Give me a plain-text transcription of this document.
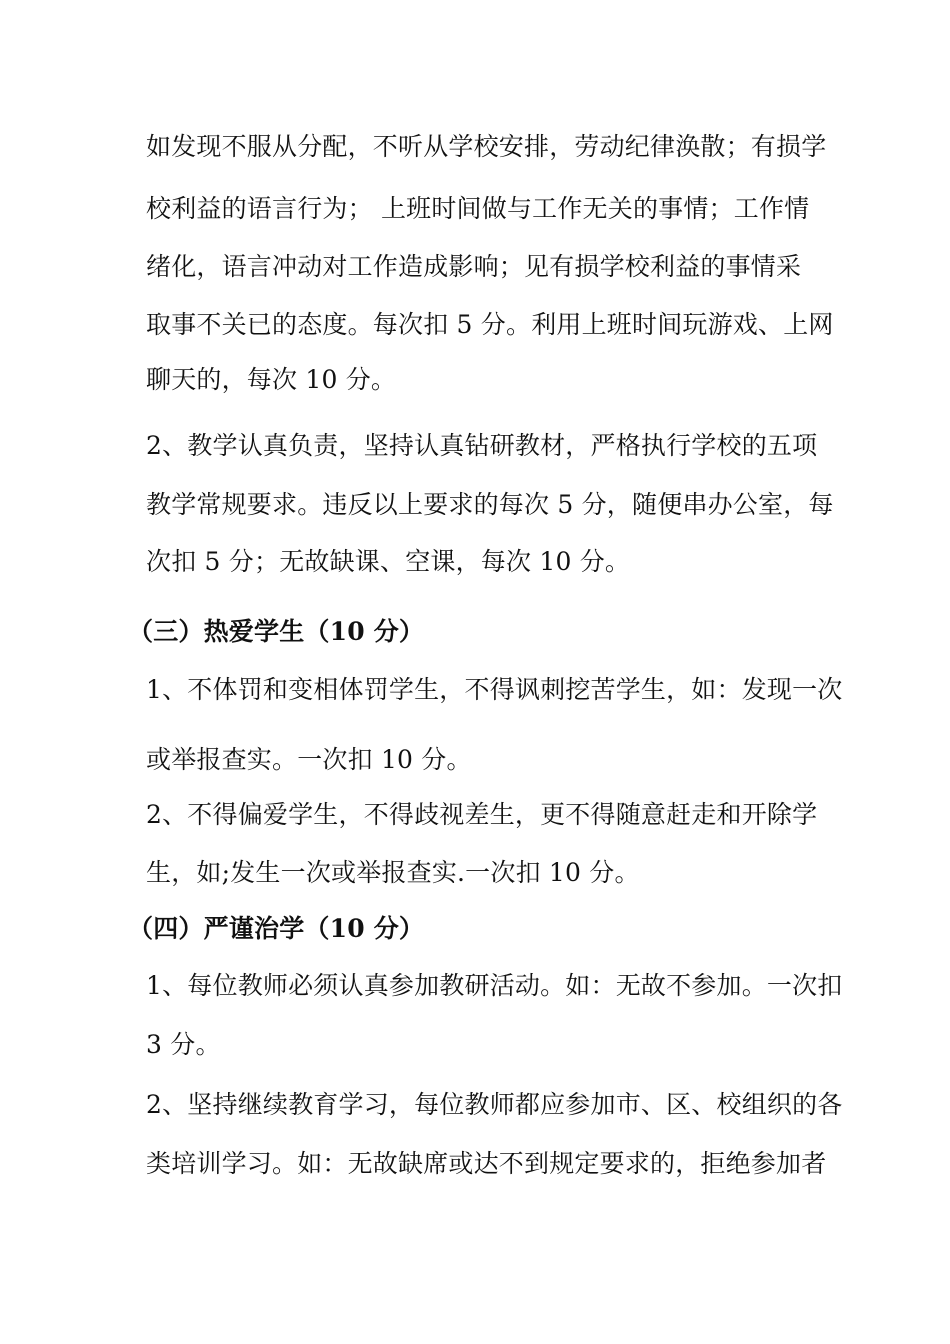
如发现不服从分配，不听从学校安排，劳动纪律涣散；有损学
校利益的语言行为； 上班时间做与工作无关的事情；工作情
绪化，语言冲动对工作造成影响；见有损学校利益的事情采
取事不关已的态度。每次扣 5 分。利用上班时间玩游戏、上网
聊天的，每次 10 分。
2、教学认真负责，坚持认真钻研教材，严格执行学校的五项
教学常规要求。违反以上要求的每次 5 分，随便串办公室，每
次扣 5 分；无故缺课、空课，每次 10 分。
（三）热爱学生（10 分）
1、不体罚和变相体罚学生，不得讽刺挖苦学生，如：发现一次
或举报查实。一次扣 10 分。
2、不得偏爱学生，不得歧视差生，更不得随意赶走和开除学
生，如;发生一次或举报查实.一次扣 10 分。
（四）严谨治学（10 分）
1、每位教师必须认真参加教研活动。如：无故不参加。一次扣
3 分。
2、坚持继续教育学习，每位教师都应参加市、区、校组织的各
类培训学习。如：无故缺席或达不到规定要求的，拒绝参加者
